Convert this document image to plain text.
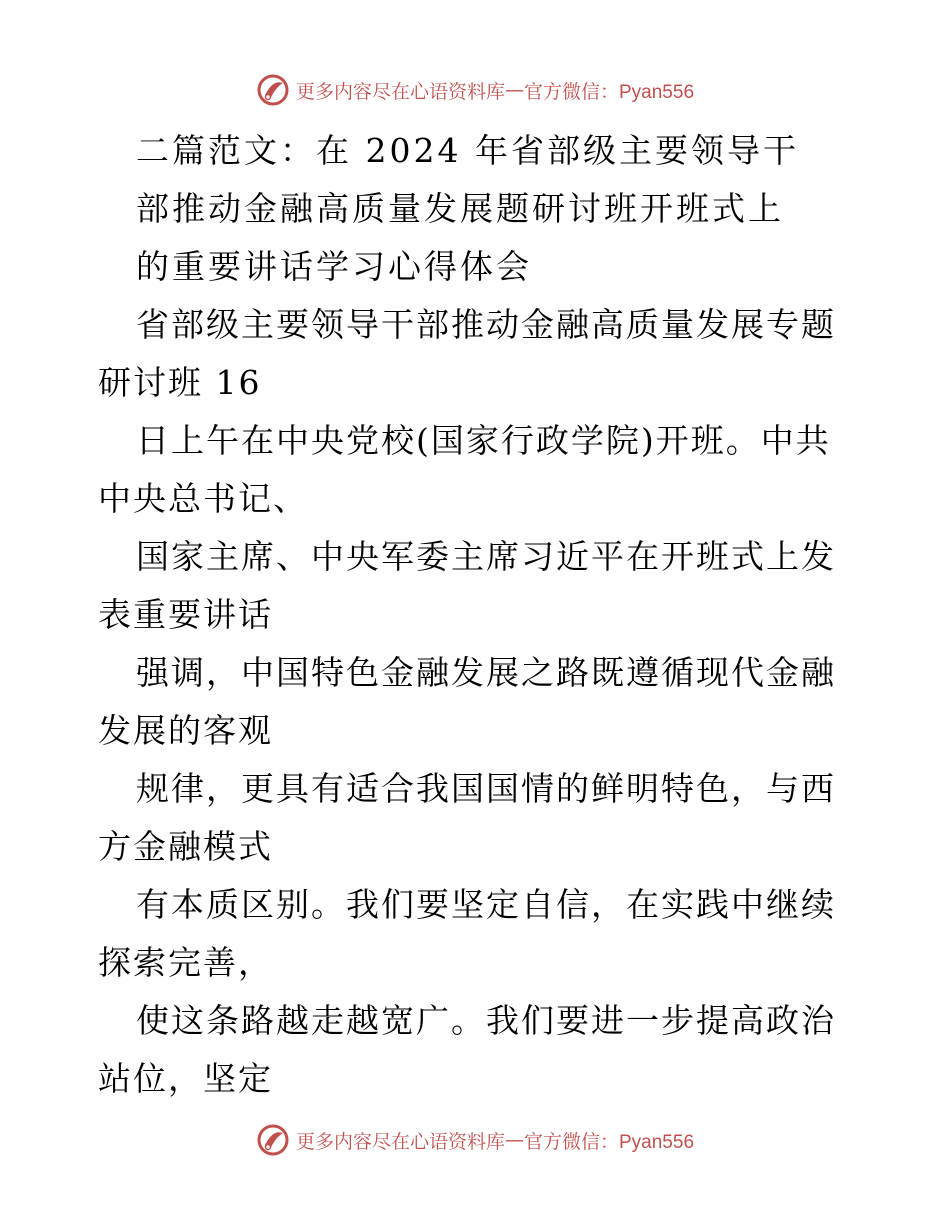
更多内容尽在心语资料库 — 官方微信：Pyan556

二篇范文：在 2024 年省部级主要领导干

部推动金融高质量发展题研讨班开班式上

的重要讲话学习心得体会

省部级主要领导干部推动金融高质量发展专题研讨班 16

日上午在中央党校(国家行政学院)开班。中共中央总书记、

国家主席、中央军委主席习近平在开班式上发表重要讲话

强调，中国特色金融发展之路既遵循现代金融发展的客观

规律，更具有适合我国国情的鲜明特色，与西方金融模式

有本质区别。我们要坚定自信，在实践中继续探索完善，

使这条路越走越宽广。我们要进一步提高政治站位，坚定

更多内容尽在心语资料库 — 官方微信：Pyan556
